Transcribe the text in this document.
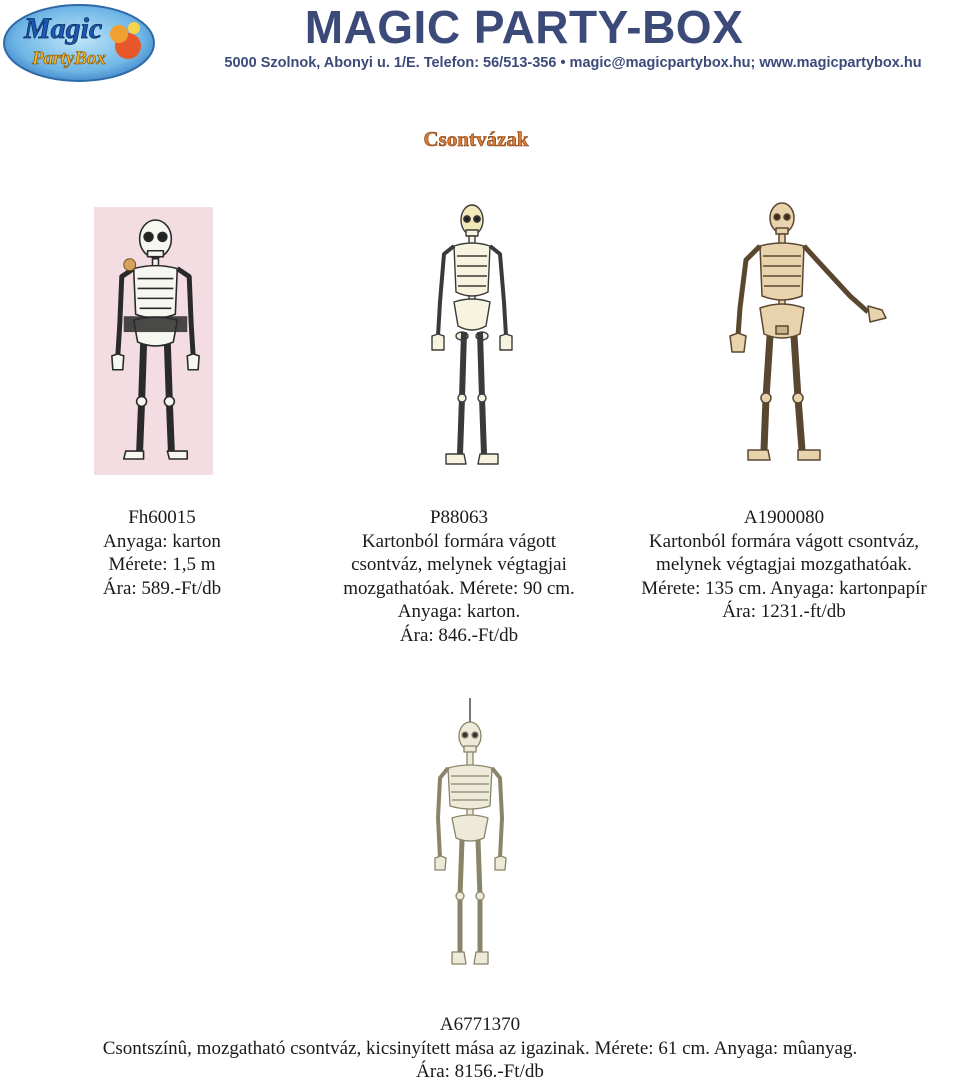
Magic
PartyBox
MAGIC PARTY-BOX
5000 Szolnok, Abonyi u. 1/E. Telefon: 56/513-356 • magic@magicpartybox.hu; www.magicpartybox.hu
Csontvázak
Fh60015
Anyaga: karton
Mérete: 1,5 m
Ára: 589.-Ft/db
P88063
Kartonból formára vágott
csontváz, melynek végtagjai
mozgathatóak. Mérete: 90 cm.
Anyaga: karton.
Ára: 846.-Ft/db
A1900080
Kartonból formára vágott csontváz,
melynek végtagjai mozgathatóak.
Mérete: 135 cm. Anyaga: kartonpapír
Ára: 1231.-ft/db
A6771370
Csontszínû, mozgatható csontváz, kicsinyített mása az igazinak. Mérete: 61 cm. Anyaga: mûanyag.
Ára: 8156.-Ft/db
